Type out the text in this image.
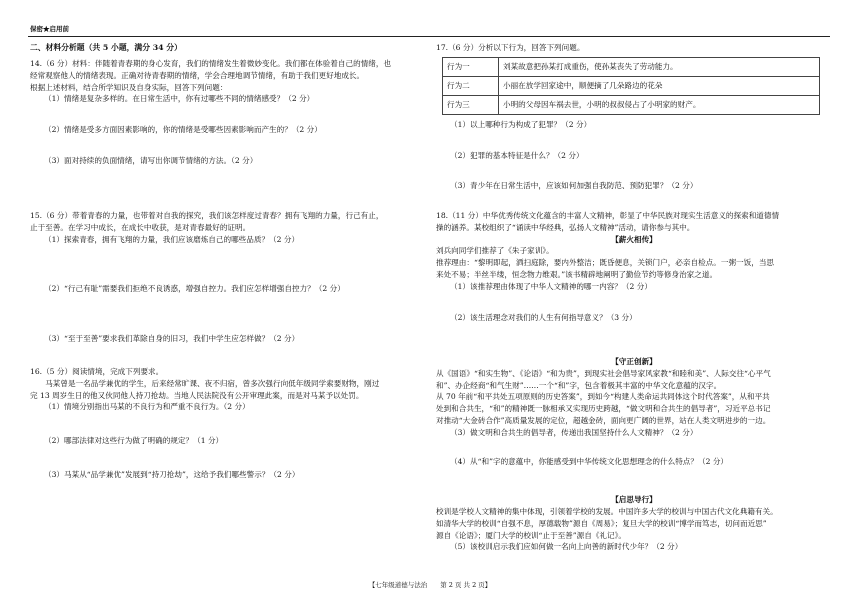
保密★启用前
二、材料分析题（共 5 小题，满分 34 分）

14.（6 分）材料：伴随着青春期的身心发育，我们的情绪发生着微妙变化。我们都在体验着自己的情绪，也

经常观察他人的情绪表现。正确对待青春期的情绪，学会合理地调节情绪，有助于我们更好地成长。

根据上述材料，结合所学知识及自身实际，回答下列问题：

（1）情绪是复杂多样的。在日常生活中，你有过哪些不同的情绪感受？（2 分）

（2）情绪是受多方面因素影响的，你的情绪是受哪些因素影响而产生的？（2 分）

（3）面对持续的负面情绪，请写出你调节情绪的方法。（2 分）

15.（6 分）带着青春的力量，也带着对自我的探究，我们该怎样度过青春？拥有飞翔的力量，行己有止，

止于至善。在学习中成长，在成长中收获，是对青春最好的证明。

（1）探索青春，拥有飞翔的力量，我们应该磨炼自己的哪些品质？（2 分）

（2）“行己有耻”需要我们拒绝不良诱惑，增强自控力。我们应怎样增强自控力？（2 分）

（3）“至于至善”要求我们革除自身的旧习，我们中学生应怎样做？（2 分）

16.（5 分）阅读情境，完成下列要求。

马某曾是一名品学兼优的学生，后来经常旷课、夜不归宿，曾多次强行向低年级同学索要财物，刚过

完 13 周岁生日的他又伙同他人持刀抢劫。当地人民法院没有公开审理此案，而是对马某予以处罚。

（1）情境分别指出马某的不良行为和严重不良行为。（2 分）

（2）哪部法律对这些行为做了明确的规定？（1 分）

（3）马某从“品学兼优”发展到“持刀抢劫”，这给予我们哪些警示？（2 分）

17.（6 分）分析以下行为，回答下列问题。

行为一	刘某故意把孙某打成重伤，使孙某丧失了劳动能力。
行为二	小丽在放学回家途中，顺便摘了几朵路边的花朵
行为三	小明的父母因车祸去世，小明的叔叔侵占了小明家的财产。

（1）以上哪种行为构成了犯罪？（2 分）

（2）犯罪的基本特征是什么？（2 分）

（3）青少年在日常生活中，应该如何加强自我防范、预防犯罪？（2 分）

18.（11 分）中华优秀传统文化蕴含的丰富人文精神，彰显了中华民族对现实生活意义的探索和道德情

操的涵养。某校组织了“诵读中华经典，弘扬人文精神”活动，请你参与其中。

【薪火相传】

刘兵向同学们推荐了《朱子家训》。

推荐理由：“黎明即起，洒扫庭除，要内外整洁；既昏便息，关锁门户，必亲自检点。一粥一饭，当思

来处不易；半丝半缕，恒念物力维艰。”该书精辟地阐明了勤俭节约等修身治家之道。

（1）该推荐理由体现了中华人文精神的哪一内容？（2 分）

（2）该生活理念对我们的人生有何指导意义？（3 分）

【守正创新】

从《国语》“和实生物”、《论语》“和为贵”，到现实社会倡导家风家教“和睦和美”、人际交往“心平气

和”、办企经商“和气生财”……一个“和”字，包含着极其丰富的中华文化意蕴的汉字。

从 70 年前“和平共处五项原则的历史答案”，到如今“构建人类命运共同体这个时代答案”，从和平共

处到和合共生，“和”的精神既一脉相承又实现历史跨越，“做文明和合共生的倡导者”，习近平总书记

对推动“大金砖合作”高质量发展的定位，超越金砖，面向更广阔的世界，站在人类文明进步的一边。

（3）做文明和合共生的倡导者，传递出我国坚持什么人文精神？（2 分）

（4）从“和”字的意蕴中，你能感受到中华传统文化思想理念的什么特点？（2 分）

【启思导行】

校训是学校人文精神的集中体现，引领着学校的发展。中国许多大学的校训与中国古代文化典籍有关。

如清华大学的校训“自强不息，厚德载物”源自《周易》；复旦大学的校训“博学而笃志，切问而近思”

源自《论语》；厦门大学的校训“止于至善”源自《礼记》。

（5）该校训启示我们应如何做一名向上向善的新时代少年？（2 分）

【七年级道德与法治　　第 2 页 共 2 页】
